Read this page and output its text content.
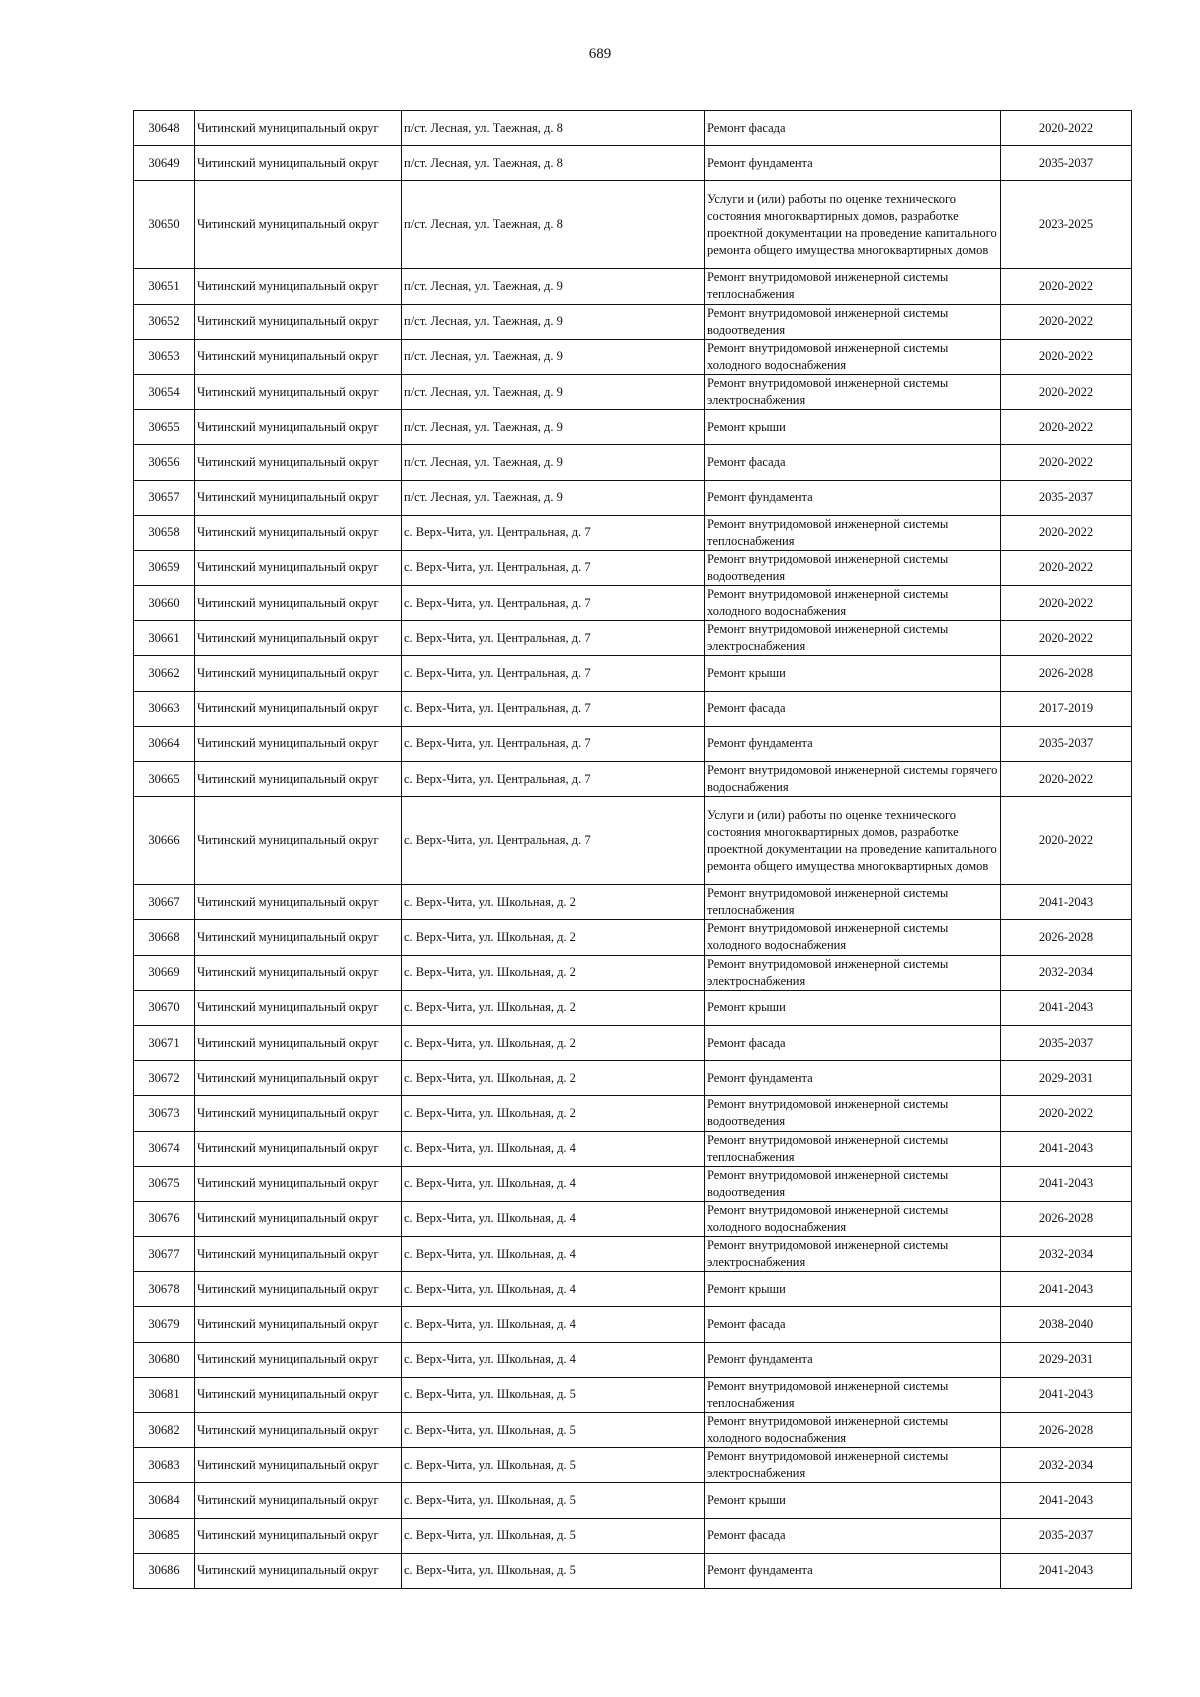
689
30648	Читинский муниципальный округ	п/ст. Лесная, ул. Таежная, д. 8	Ремонт фасада	2020-2022
30649	Читинский муниципальный округ	п/ст. Лесная, ул. Таежная, д. 8	Ремонт фундамента	2035-2037
30650	Читинский муниципальный округ	п/ст. Лесная, ул. Таежная, д. 8	Услуги и (или) работы по оценке технического состояния многоквартирных домов, разработке проектной документации на проведение капитального ремонта общего имущества многоквартирных домов	2023-2025
30651	Читинский муниципальный округ	п/ст. Лесная, ул. Таежная, д. 9	Ремонт внутридомовой инженерной системы теплоснабжения	2020-2022
30652	Читинский муниципальный округ	п/ст. Лесная, ул. Таежная, д. 9	Ремонт внутридомовой инженерной системы водоотведения	2020-2022
30653	Читинский муниципальный округ	п/ст. Лесная, ул. Таежная, д. 9	Ремонт внутридомовой инженерной системы холодного водоснабжения	2020-2022
30654	Читинский муниципальный округ	п/ст. Лесная, ул. Таежная, д. 9	Ремонт внутридомовой инженерной системы электроснабжения	2020-2022
30655	Читинский муниципальный округ	п/ст. Лесная, ул. Таежная, д. 9	Ремонт крыши	2020-2022
30656	Читинский муниципальный округ	п/ст. Лесная, ул. Таежная, д. 9	Ремонт фасада	2020-2022
30657	Читинский муниципальный округ	п/ст. Лесная, ул. Таежная, д. 9	Ремонт фундамента	2035-2037
30658	Читинский муниципальный округ	с. Верх-Чита, ул. Центральная, д. 7	Ремонт внутридомовой инженерной системы теплоснабжения	2020-2022
30659	Читинский муниципальный округ	с. Верх-Чита, ул. Центральная, д. 7	Ремонт внутридомовой инженерной системы водоотведения	2020-2022
30660	Читинский муниципальный округ	с. Верх-Чита, ул. Центральная, д. 7	Ремонт внутридомовой инженерной системы холодного водоснабжения	2020-2022
30661	Читинский муниципальный округ	с. Верх-Чита, ул. Центральная, д. 7	Ремонт внутридомовой инженерной системы электроснабжения	2020-2022
30662	Читинский муниципальный округ	с. Верх-Чита, ул. Центральная, д. 7	Ремонт крыши	2026-2028
30663	Читинский муниципальный округ	с. Верх-Чита, ул. Центральная, д. 7	Ремонт фасада	2017-2019
30664	Читинский муниципальный округ	с. Верх-Чита, ул. Центральная, д. 7	Ремонт фундамента	2035-2037
30665	Читинский муниципальный округ	с. Верх-Чита, ул. Центральная, д. 7	Ремонт внутридомовой инженерной системы горячего водоснабжения	2020-2022
30666	Читинский муниципальный округ	с. Верх-Чита, ул. Центральная, д. 7	Услуги и (или) работы по оценке технического состояния многоквартирных домов, разработке проектной документации на проведение капитального ремонта общего имущества многоквартирных домов	2020-2022
30667	Читинский муниципальный округ	с. Верх-Чита, ул. Школьная, д. 2	Ремонт внутридомовой инженерной системы теплоснабжения	2041-2043
30668	Читинский муниципальный округ	с. Верх-Чита, ул. Школьная, д. 2	Ремонт внутридомовой инженерной системы холодного водоснабжения	2026-2028
30669	Читинский муниципальный округ	с. Верх-Чита, ул. Школьная, д. 2	Ремонт внутридомовой инженерной системы электроснабжения	2032-2034
30670	Читинский муниципальный округ	с. Верх-Чита, ул. Школьная, д. 2	Ремонт крыши	2041-2043
30671	Читинский муниципальный округ	с. Верх-Чита, ул. Школьная, д. 2	Ремонт фасада	2035-2037
30672	Читинский муниципальный округ	с. Верх-Чита, ул. Школьная, д. 2	Ремонт фундамента	2029-2031
30673	Читинский муниципальный округ	с. Верх-Чита, ул. Школьная, д. 2	Ремонт внутридомовой инженерной системы водоотведения	2020-2022
30674	Читинский муниципальный округ	с. Верх-Чита, ул. Школьная, д. 4	Ремонт внутридомовой инженерной системы теплоснабжения	2041-2043
30675	Читинский муниципальный округ	с. Верх-Чита, ул. Школьная, д. 4	Ремонт внутридомовой инженерной системы водоотведения	2041-2043
30676	Читинский муниципальный округ	с. Верх-Чита, ул. Школьная, д. 4	Ремонт внутридомовой инженерной системы холодного водоснабжения	2026-2028
30677	Читинский муниципальный округ	с. Верх-Чита, ул. Школьная, д. 4	Ремонт внутридомовой инженерной системы электроснабжения	2032-2034
30678	Читинский муниципальный округ	с. Верх-Чита, ул. Школьная, д. 4	Ремонт крыши	2041-2043
30679	Читинский муниципальный округ	с. Верх-Чита, ул. Школьная, д. 4	Ремонт фасада	2038-2040
30680	Читинский муниципальный округ	с. Верх-Чита, ул. Школьная, д. 4	Ремонт фундамента	2029-2031
30681	Читинский муниципальный округ	с. Верх-Чита, ул. Школьная, д. 5	Ремонт внутридомовой инженерной системы теплоснабжения	2041-2043
30682	Читинский муниципальный округ	с. Верх-Чита, ул. Школьная, д. 5	Ремонт внутридомовой инженерной системы холодного водоснабжения	2026-2028
30683	Читинский муниципальный округ	с. Верх-Чита, ул. Школьная, д. 5	Ремонт внутридомовой инженерной системы электроснабжения	2032-2034
30684	Читинский муниципальный округ	с. Верх-Чита, ул. Школьная, д. 5	Ремонт крыши	2041-2043
30685	Читинский муниципальный округ	с. Верх-Чита, ул. Школьная, д. 5	Ремонт фасада	2035-2037
30686	Читинский муниципальный округ	с. Верх-Чита, ул. Школьная, д. 5	Ремонт фундамента	2041-2043
